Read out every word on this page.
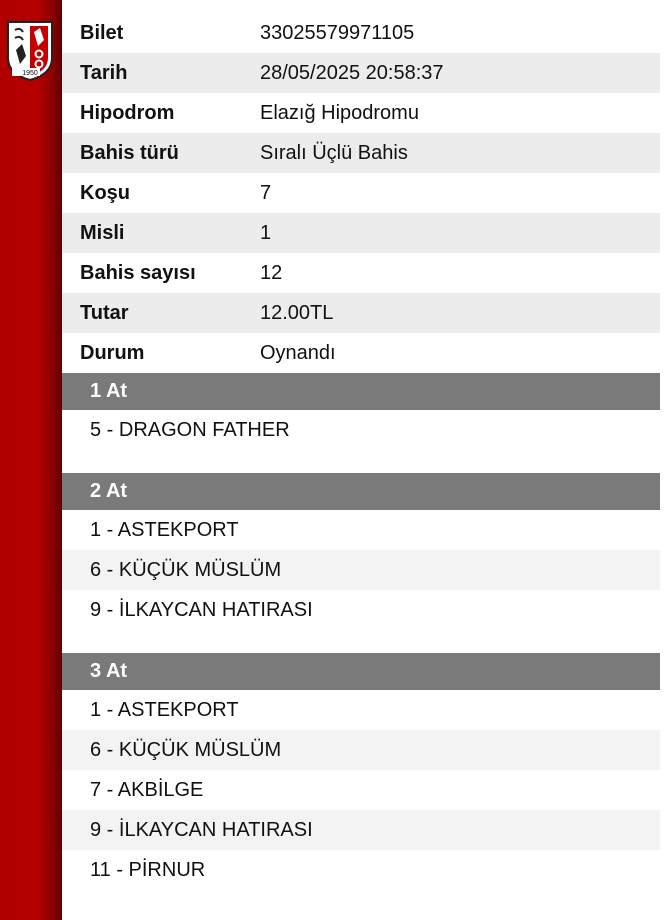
1950
Bilet	33025579971105
Tarih	28/05/2025 20:58:37
Hipodrom	Elazığ Hipodromu
Bahis türü	Sıralı Üçlü Bahis
Koşu	7
Misli	1
Bahis sayısı	12
Tutar	12.00TL
Durum	Oynandı
1 At
5 - DRAGON FATHER
2 At
1 - ASTEKPORT
6 - KÜÇÜK MÜSLÜM
9 - İLKAYCAN HATIRASI
3 At
1 - ASTEKPORT
6 - KÜÇÜK MÜSLÜM
7 - AKBİLGE
9 - İLKAYCAN HATIRASI
11 - PİRNUR
